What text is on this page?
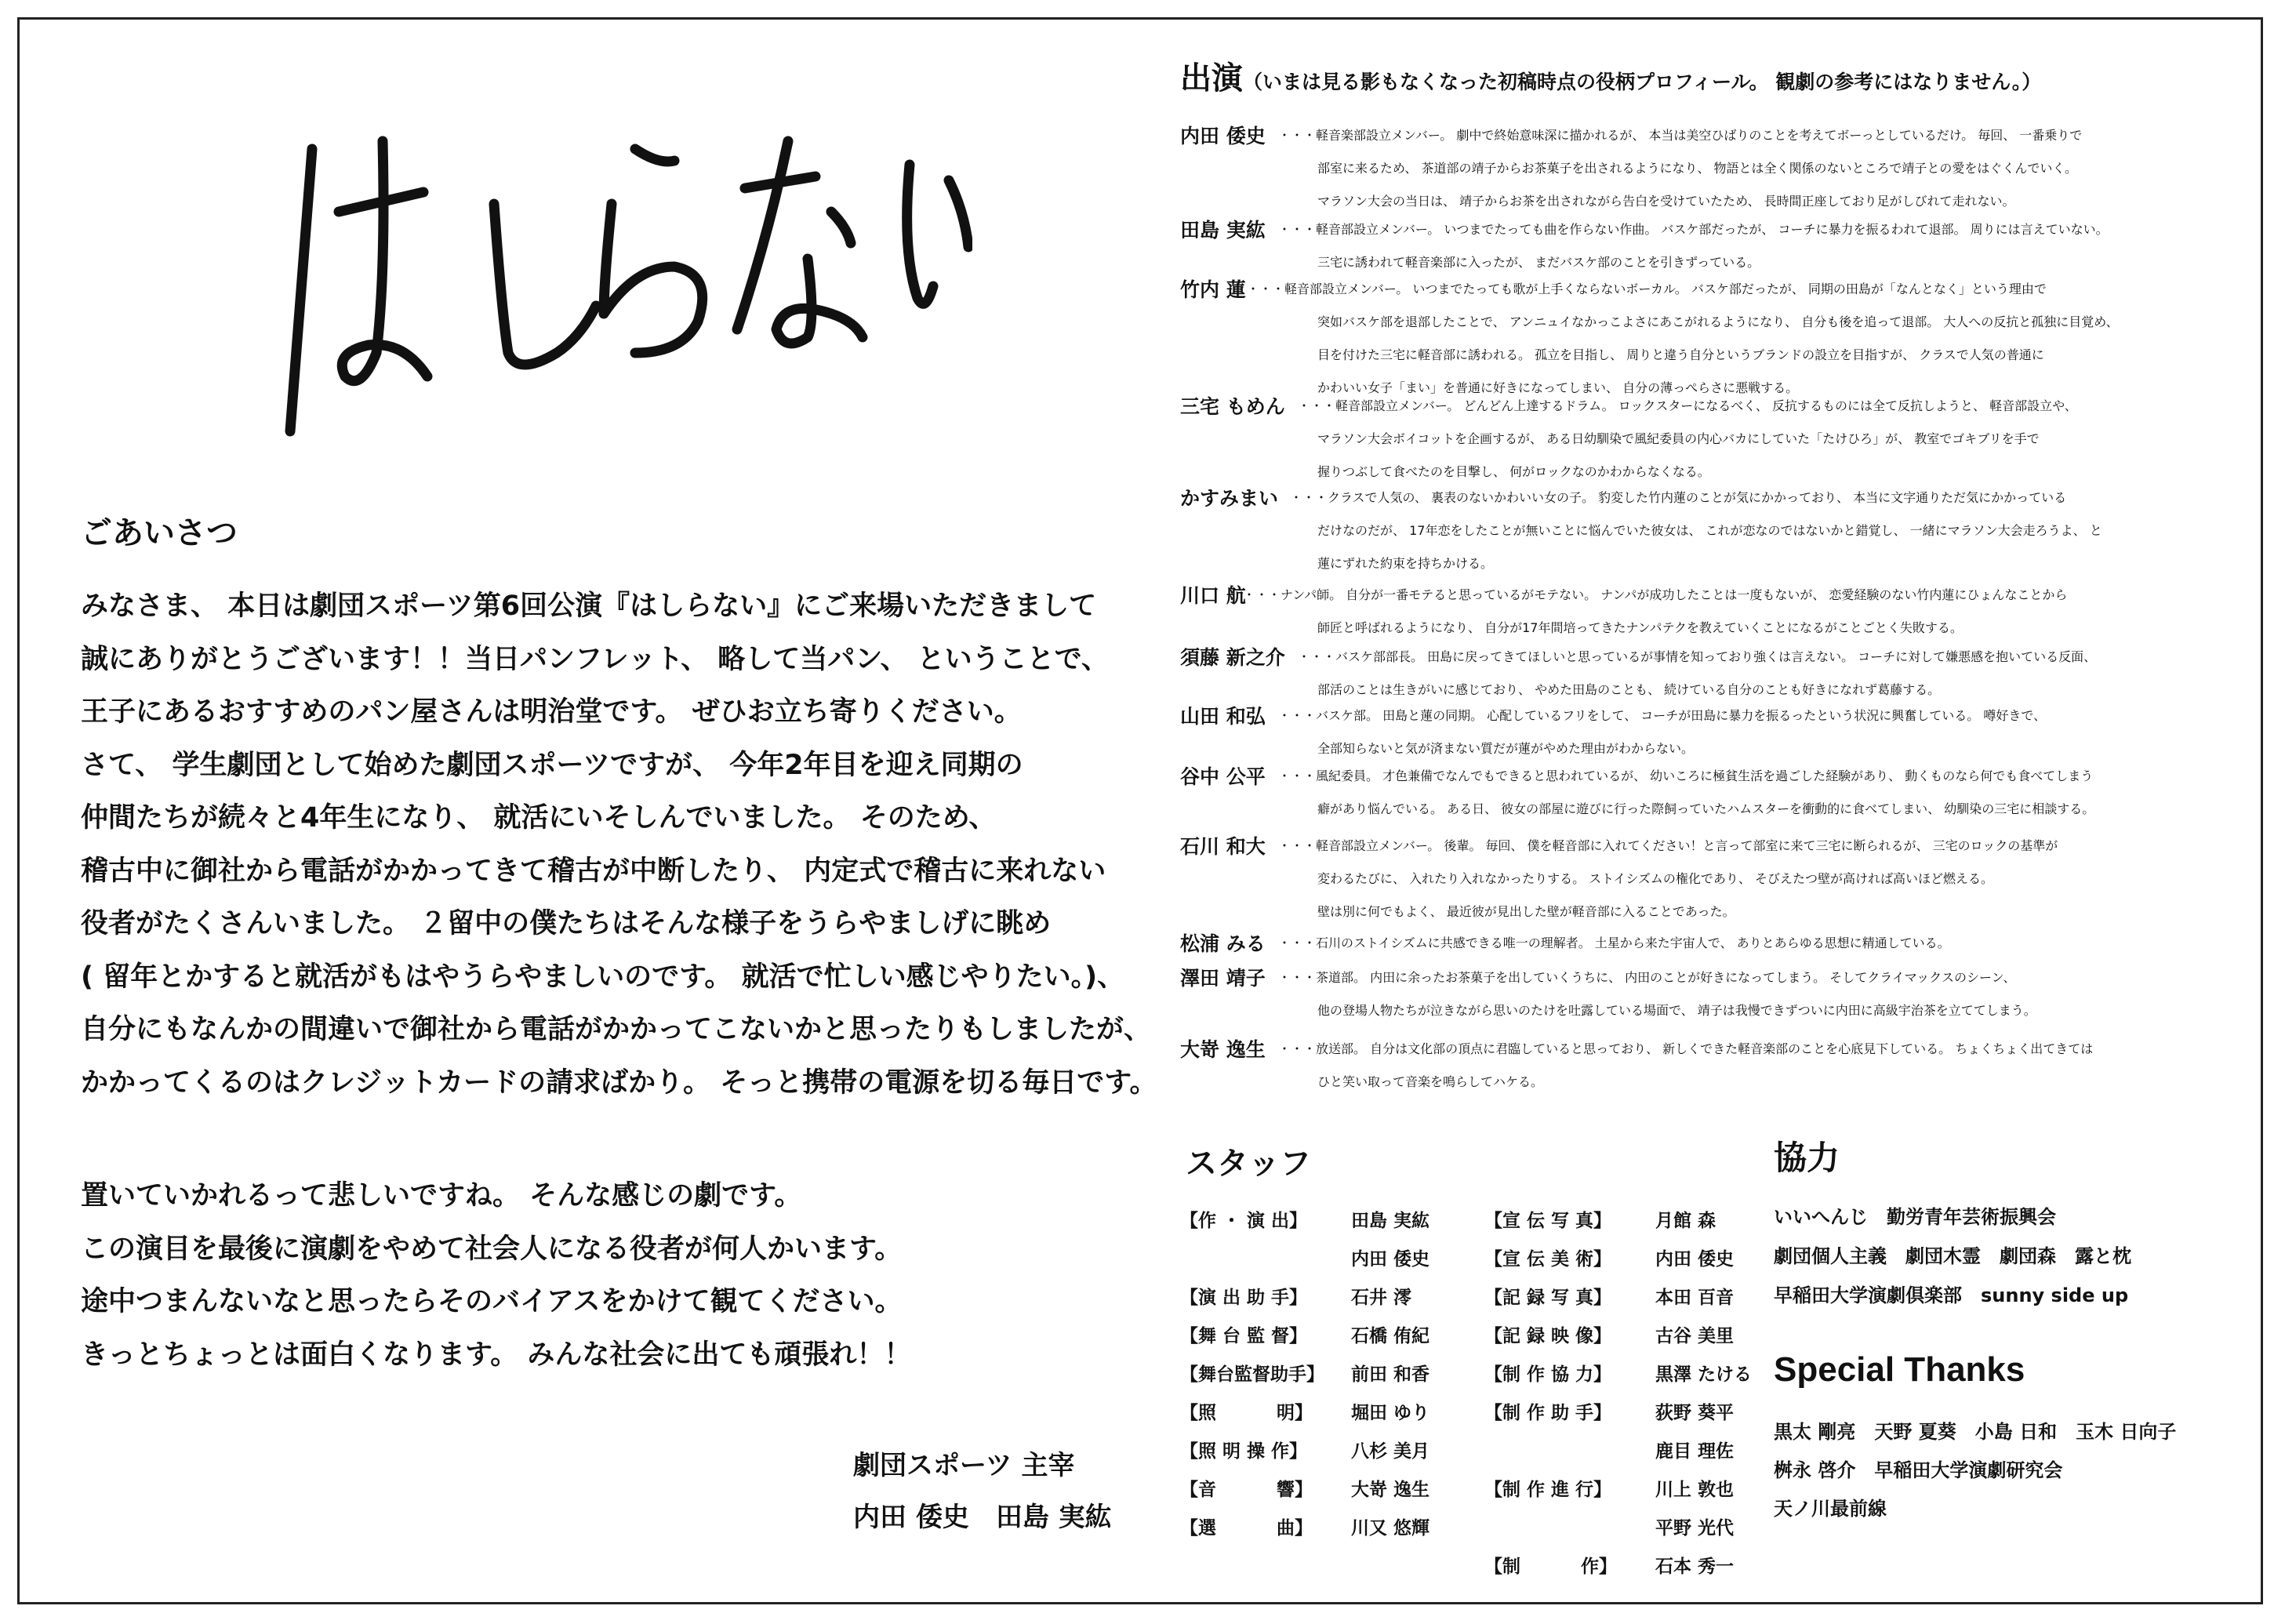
ごあいさつ
みなさま、 本日は劇団スポーツ第6回公演『はしらない』にご来場いただきまして
誠にありがとうございます！！当日パンフレット、 略して当パン、 ということで、
王子にあるおすすめのパン屋さんは明治堂です。 ぜひお立ち寄りください。
さて、 学生劇団として始めた劇団スポーツですが、 今年2年目を迎え同期の
仲間たちが続々と4年生になり、 就活にいそしんでいました。 そのため、
稽古中に御社から電話がかかってきて稽古が中断したり、 内定式で稽古に来れない
役者がたくさんいました。 ２留中の僕たちはそんな様子をうらやましげに眺め
( 留年とかすると就活がもはやうらやましいのです。 就活で忙しい感じやりたい。)、
自分にもなんかの間違いで御社から電話がかかってこないかと思ったりもしましたが、
かかってくるのはクレジットカードの請求ばかり。 そっと携帯の電源を切る毎日です。
置いていかれるって悲しいですね。 そんな感じの劇です。
この演目を最後に演劇をやめて社会人になる役者が何人かいます。
途中つまんないなと思ったらそのバイアスをかけて観てください。
きっとちょっとは面白くなります。 みんな社会に出ても頑張れ！！
劇団スポーツ 主宰
内田 倭史　田島 実紘
出演（いまは見る影もなくなった初稿時点の役柄プロフィール。 観劇の参考にはなりません。）
内田 倭史 ・・・軽音楽部設立メンバー。 劇中で終始意味深に描かれるが、 本当は美空ひばりのことを考えてボーっとしているだけ。 毎回、 一番乗りで
部室に来るため、 茶道部の靖子からお茶菓子を出されるようになり、 物語とは全く関係のないところで靖子との愛をはぐくんでいく。
マラソン大会の当日は、 靖子からお茶を出されながら告白を受けていたため、 長時間正座しており足がしびれて走れない。
田島 実紘 ・・・軽音部設立メンバー。 いつまでたっても曲を作らない作曲。 バスケ部だったが、 コーチに暴力を振るわれて退部。 周りには言えていない。
三宅に誘われて軽音楽部に入ったが、 まだバスケ部のことを引きずっている。
竹内 蓮 ・・・軽音部設立メンバー。 いつまでたっても歌が上手くならないボーカル。 バスケ部だったが、 同期の田島が「なんとなく」という理由で
突如バスケ部を退部したことで、 アンニュイなかっこよさにあこがれるようになり、 自分も後を追って退部。 大人への反抗と孤独に目覚め、
目を付けた三宅に軽音部に誘われる。 孤立を目指し、 周りと違う自分というブランドの設立を目指すが、 クラスで人気の普通に
かわいい女子「まい」を普通に好きになってしまい、 自分の薄っぺらさに悪戦する。
三宅 もめん ・・・軽音部設立メンバー。 どんどん上達するドラム。 ロックスターになるべく、 反抗するものには全て反抗しようと、 軽音部設立や、
マラソン大会ボイコットを企画するが、 ある日幼馴染で風紀委員の内心バカにしていた「たけひろ」が、 教室でゴキブリを手で
握りつぶして食べたのを目撃し、 何がロックなのかわからなくなる。
かすみまい ・・・クラスで人気の、 裏表のないかわいい女の子。 豹変した竹内蓮のことが気にかかっており、 本当に文字通りただ気にかかっている
だけなのだが、 17年恋をしたことが無いことに悩んでいた彼女は、 これが恋なのではないかと錯覚し、 一緒にマラソン大会走ろうよ、 と
蓮にずれた約束を持ちかける。
川口 航
・・・ナンパ師。 自分が一番モテると思っているがモテない。 ナンパが成功したことは一度もないが、 恋愛経験のない竹内蓮にひょんなことから
師匠と呼ばれるようになり、 自分が17年間培ってきたナンパテクを教えていくことになるがことごとく失敗する。
須藤 新之介 ・・・バスケ部部長。 田島に戻ってきてほしいと思っているが事情を知っており強くは言えない。 コーチに対して嫌悪感を抱いている反面、
部活のことは生きがいに感じており、 やめた田島のことも、 続けている自分のことも好きになれず葛藤する。
山田 和弘 ・・・バスケ部。 田島と蓮の同期。 心配しているフリをして、 コーチが田島に暴力を振るったという状況に興奮している。 噂好きで、
全部知らないと気が済まない質だが蓮がやめた理由がわからない。
谷中 公平 ・・・風紀委員。 才色兼備でなんでもできると思われているが、 幼いころに極貧生活を過ごした経験があり、 動くものなら何でも食べてしまう
癖があり悩んでいる。 ある日、 彼女の部屋に遊びに行った際飼っていたハムスターを衝動的に食べてしまい、 幼馴染の三宅に相談する。
石川 和大 ・・・軽音部設立メンバー。 後輩。 毎回、 僕を軽音部に入れてください！と言って部室に来て三宅に断られるが、 三宅のロックの基準が
変わるたびに、 入れたり入れなかったりする。 ストイシズムの権化であり、 そびえたつ壁が高ければ高いほど燃える。
壁は別に何でもよく、 最近彼が見出した壁が軽音部に入ることであった。
松浦 みる ・・・石川のストイシズムに共感できる唯一の理解者。 土星から来た宇宙人で、 ありとあらゆる思想に精通している。
澤田 靖子 ・・・茶道部。 内田に余ったお茶菓子を出していくうちに、 内田のことが好きになってしまう。 そしてクライマックスのシーン、
他の登場人物たちが泣きながら思いのたけを吐露している場面で、 靖子は我慢できずついに内田に高級宇治茶を立ててしまう。
大嵜 逸生 ・・・放送部。 自分は文化部の頂点に君臨していると思っており、 新しくできた軽音楽部のことを心底見下している。 ちょくちょく出てきては
ひと笑い取って音楽を鳴らしてハケる。
スタッフ
【作 ・ 演 出】 田島 実紘
内田 倭史
【演 出 助 手】 石井 澪
【舞 台 監 督】 石橋 侑紀
【舞台監督助手】 前田 和香
【照　　　 明】 堀田 ゆり
【照 明 操 作】 八杉 美月
【音　　　 響】 大嵜 逸生
【選　　　 曲】 川又 悠輝
【宣 伝 写 真】 月館 森
【宣 伝 美 術】 内田 倭史
【記 録 写 真】 本田 百音
【記 録 映 像】 古谷 美里
【制 作 協 力】 黒澤 たける
【制 作 助 手】 荻野 葵平
鹿目 理佐
【制 作 進 行】 川上 敦也
平野 光代
【制　　　 作】 石本 秀一
協力
いいへんじ　勤労青年芸術振興会
劇団個人主義　劇団木霊　劇団森　露と枕
早稲田大学演劇倶楽部　sunny side up
Special Thanks
黒太 剛亮　天野 夏葵　小島 日和　玉木 日向子
桝永 啓介　早稲田大学演劇研究会
天ノ川最前線
